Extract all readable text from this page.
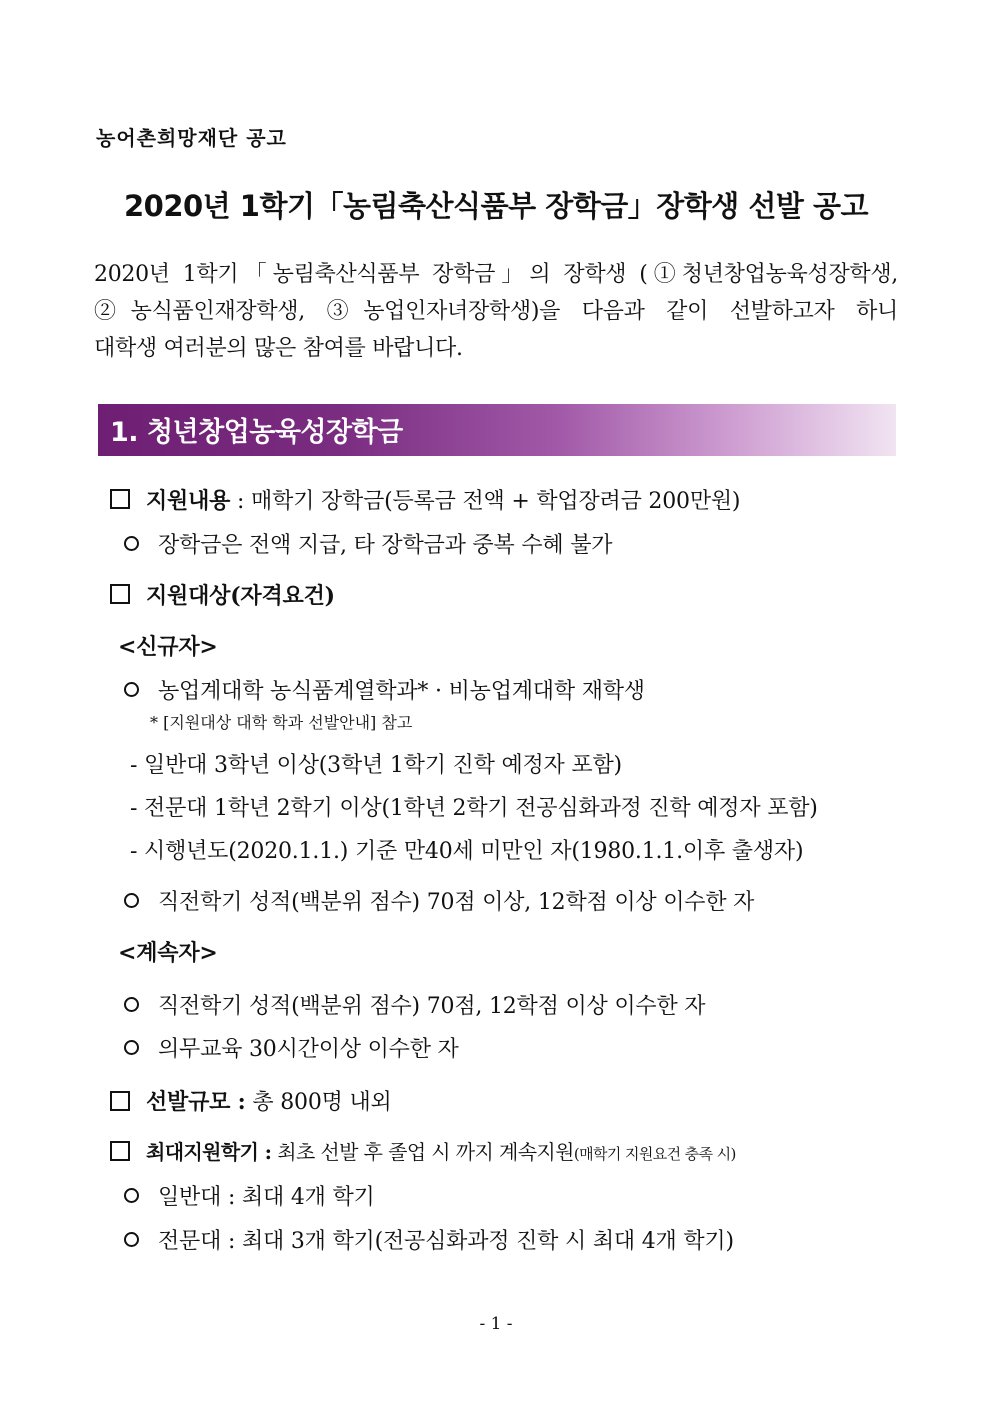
농어촌희망재단 공고
2020년 1학기「농림축산식품부 장학금」장학생 선발 공고
2020년 1학기「농림축산식품부 장학금」의 장학생 (①청년창업농육성장학생,
②농식품인재장학생, ③농업인자녀장학생)을 다음과 같이 선발하고자 하니
대학생 여러분의 많은 참여를 바랍니다.
1. 청년창업농육성장학금
지원내용 : 매학기 장학금(등록금 전액 + 학업장려금 200만원)
장학금은 전액 지급, 타 장학금과 중복 수혜 불가
지원대상(자격요건)
<신규자>
농업계대학 농식품계열학과* · 비농업계대학 재학생
* [지원대상 대학 학과 선발안내] 참고
- 일반대 3학년 이상(3학년 1학기 진학 예정자 포함)
- 전문대 1학년 2학기 이상(1학년 2학기 전공심화과정 진학 예정자 포함)
- 시행년도(2020.1.1.) 기준 만40세 미만인 자(1980.1.1.이후 출생자)
직전학기 성적(백분위 점수) 70점 이상, 12학점 이상 이수한 자
<계속자>
직전학기 성적(백분위 점수) 70점, 12학점 이상 이수한 자
의무교육 30시간이상 이수한 자
선발규모 : 총 800명 내외
최대지원학기 : 최초 선발 후 졸업 시 까지 계속지원(매학기 지원요건 충족 시)
일반대 : 최대 4개 학기
전문대 : 최대 3개 학기(전공심화과정 진학 시 최대 4개 학기)
- 1 -
